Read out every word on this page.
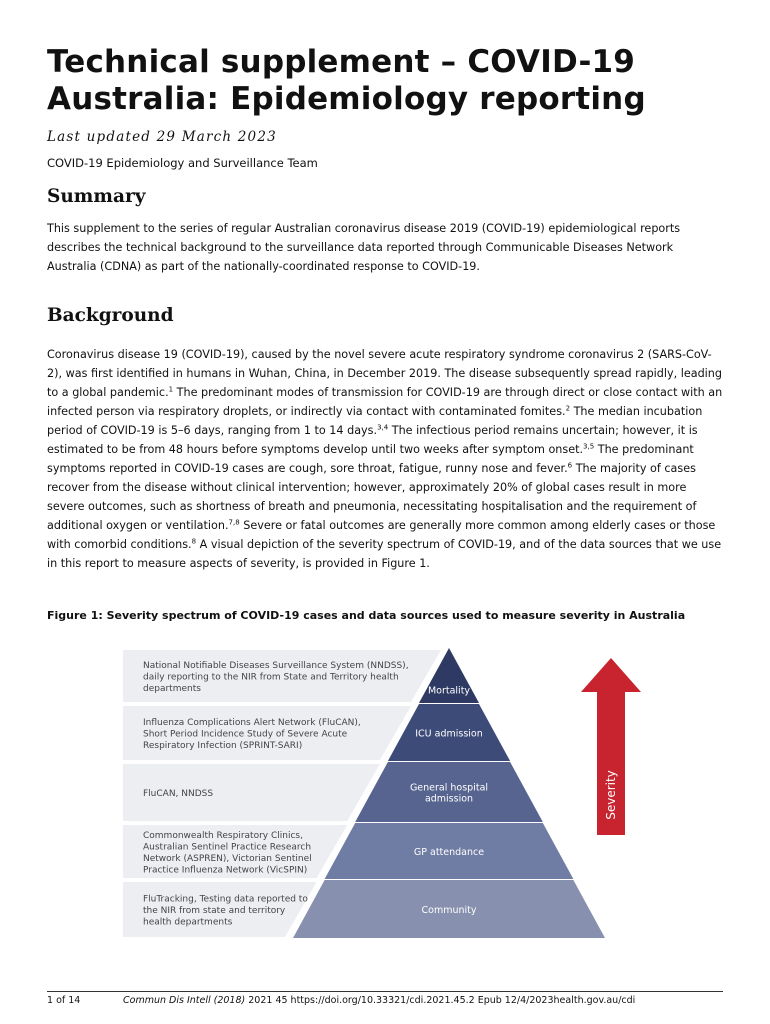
Technical supplement – COVID-19
Australia: Epidemiology reporting
Last updated 29 March 2023
COVID-19 Epidemiology and Surveillance Team
Summary

This supplement to the series of regular Australian coronavirus disease 2019 (COVID-19) epidemiological reports describes the technical background to the surveillance data reported through Communicable Diseases Network Australia (CDNA) as part of the nationally-coordinated response to COVID-19.

Background

Coronavirus disease 19 (COVID-19), caused by the novel severe acute respiratory syndrome coronavirus 2 (SARS-CoV-2), was first identified in humans in Wuhan, China, in December 2019. The disease subsequently spread rapidly, leading to a global pandemic.$^1$ The predominant modes of transmission for COVID-19 are through direct or close contact with an infected person via respiratory droplets, or indirectly via contact with contaminated fomites.$^2$ The median incubation period of COVID-19 is 5–6 days, ranging from 1 to 14 days.$^{3,4}$ The infectious period remains uncertain; however, it is estimated to be from 48 hours before symptoms develop until two weeks after symptom onset.$^{3,5}$ The predominant symptoms reported in COVID-19 cases are cough, sore throat, fatigue, runny nose and fever.$^6$ The majority of cases recover from the disease without clinical intervention; however, approximately 20% of global cases result in more severe outcomes, such as shortness of breath and pneumonia, necessitating hospitalisation and the requirement of additional oxygen or ventilation.$^{7,8}$ Severe or fatal outcomes are generally more common among elderly cases or those with comorbid conditions.$^8$ A visual depiction of the severity spectrum of COVID-19, and of the data sources that we use in this report to measure aspects of severity, is provided in Figure 1.

Figure 1: Severity spectrum of COVID-19 cases and data sources used to measure severity in Australia
National Notifiable Diseases Surveillance System (NNDSS),
daily reporting to the NIR from State and Territory health
departments	Mortality
Influenza Complications Alert Network (FluCAN),
Short Period Incidence Study of Severe Acute
Respiratory Infection (SPRINT-SARI)
ICU admission
FluCAN, NNDSS
General hospital
admission
Commonwealth Respiratory Clinics,
Australian Sentinel Practice Research
Network (ASPREN), Victorian Sentinel
Practice Influenza Network (VicSPIN)
GP attendance
FluTracking, Testing data reported to
the NIR from state and territory
health departments
Community
Severity
1 of 14	Commun Dis Intell (2018) 2021 45 https://doi.org/10.33321/cdi.2021.45.2 Epub 12/4/2023health.gov.au/cdi
